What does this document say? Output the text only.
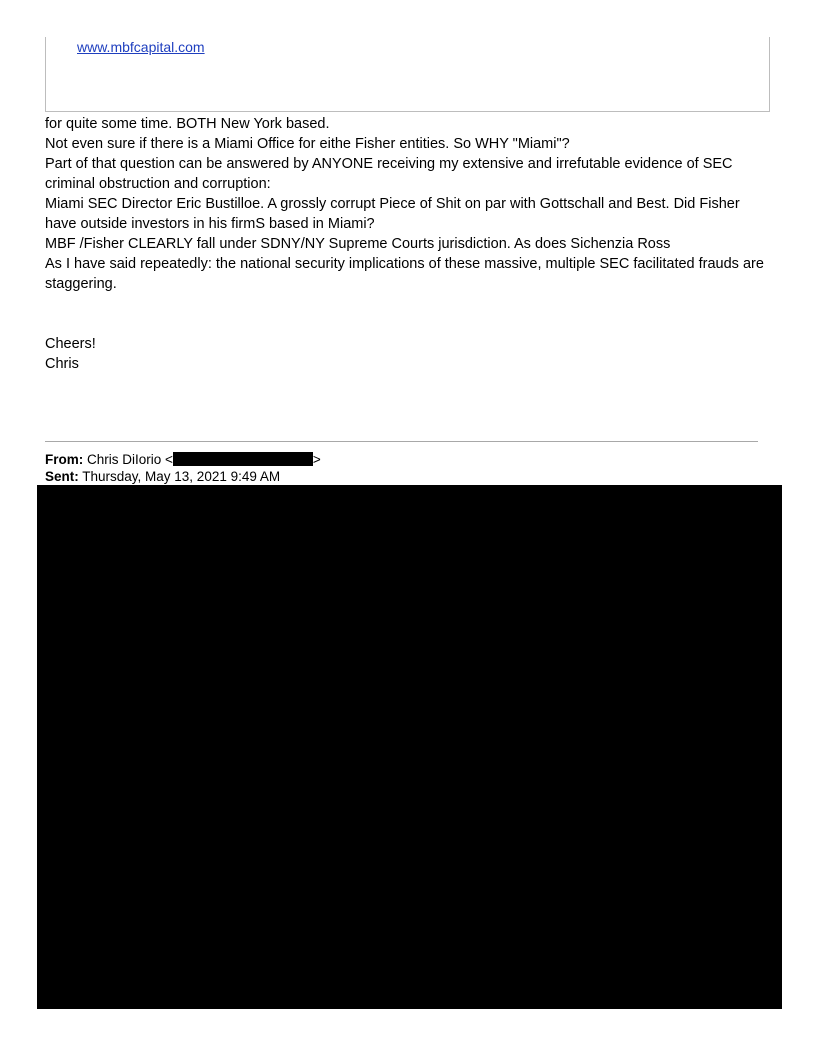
www.mbfcapital.com

for quite some time. BOTH New York based.

Not even sure if there is a Miami Office for eithe Fisher entities. So WHY "Miami"?

Part of that question can be answered by ANYONE receiving my extensive and irrefutable evidence of SEC criminal obstruction and corruption:

Miami SEC Director Eric Bustilloe. A grossly corrupt Piece of Shit on par with Gottschall and Best. Did Fisher have outside investors in his firmS based in Miami?

MBF /Fisher CLEARLY fall under SDNY/NY Supreme Courts jurisdiction. As does Sichenzia Ross

As I have said repeatedly: the national security implications of these massive, multiple SEC facilitated frauds are staggering.

Cheers!

Chris

From: Chris DiIorio <	>
Sent: Thursday, May 13, 2021 9:49 AM
